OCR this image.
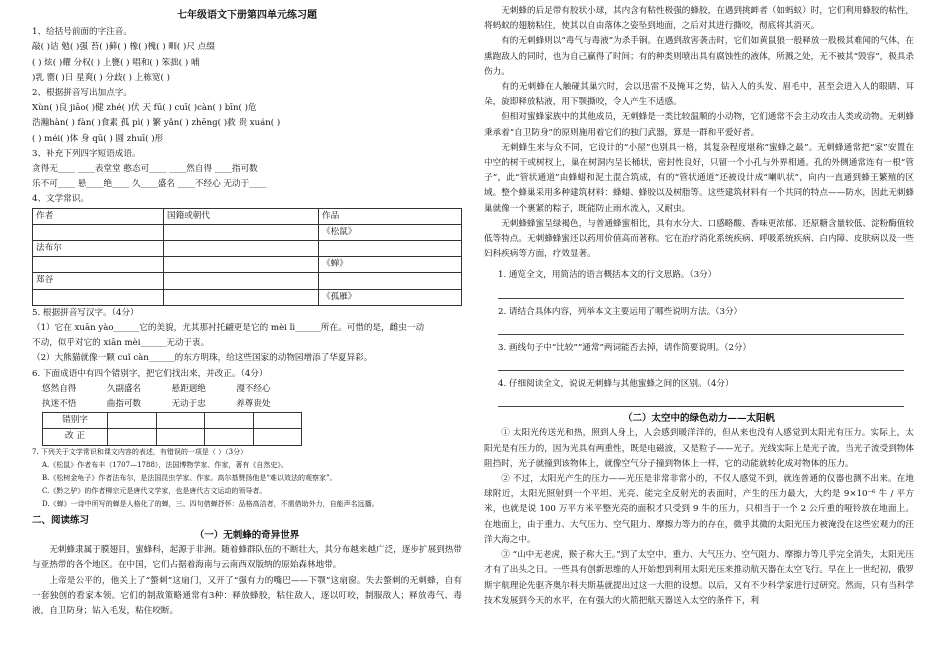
七年级语文下册第四单元练习题
1、给括号前面的字注音。
敲( )诘 勉( )强 苔( )藓( ) 橡( )槐( ) 甽( )尺 点缀
( ) 炫( )耀 分权( ) 上甕( ) 唱和( ) 笨拙( ) 哺
)乳 罂( )日 星爽( ) 分歧( ) 上栋宽( )
2、根据拼音写出加点字。
Xùn( )良 jiāo( )健 zhé( )伏 天 fū( ) cuī( )càn( ) bīn( )危
浩瀚hàn( ) fàn( )食素 孤 pì( ) 繁 yǎn( ) zhēng( )救 贵 xuán( )
( ) méi( )体 身 qū( ) 圆 zhuī( )形
3、补充下列四字短语成语。
贪得无____ ____表堂堂 憨态可____ ____然自得 ____指可数
乐不可____ 悬____绝____ 久____盛名 ____不经心 无动于____
4、文学常识。
作者	国籍或朝代	作品
		《松鼠》
法布尔		
		《蝉》
郑谷		
		《孤雁》
5. 根据拼音写汉字。（4分）
（1）它在 xuān yào______它的美貌，尤其那衬托翩更是它的 mèi lì______所在。可惜的是，雌虫一动
不动，似乎对它的 xiān mèi______无动于衷。
（2）大熊猫就像一颗 cuǐ càn______的东方明珠，给这些国家的动物园增添了华夏异彩。
6. 下面成语中有四个错别字，把它们找出来，并改正。（4分）
悠然自得	久副盛名	悬距迥绝	漫不经心
执迷不悟	曲指可数	无动于忠	养尊贵处
错别字				
改 正				
7. 下列关于文学常识和课文内容的表述，有错误的一项是（ ）（3分）
A.《松鼠》作者布丰（1707—1788），法国博物学家、作家，著有《自然史》。
B.《松树金龟子》作者法布尔，是法国昆虫学家、作家。高尔基赞扬他是“难以效法的观察家”。
C.《黔之驴》的作者柳宗元是唐代文学家，也是唐代古文运动的领导者。
D.《蝉》一诗中所写的蝉是人格化了的蝉，三、四句借蝉抒怀：品格高洁者，不需借助外力，自能声名远播。
二、阅读练习
（一）无刺蜂的奇异世界
无刺蜂隶属于膜翅目，蜜蜂科，起源于非洲。随着蜂群队伍的不断壮大，其分布越来越广泛，逐步扩展到热带与亚热带的各个地区。在中国，它们占据着海南与云南西双版纳的原始森林地带。
上帝是公平的，他关上了“螫刺”这扇门，又开了“强有力的嘴巴——下颚”这扇窗。失去螫刺的无刺蜂，自有一套独创的看家本领。它们的制敌策略通常有3种：释放蜂胶，粘住敌人，逐以叮咬，制服敌人；释放毒气、毒液，自卫防身；钻入毛发，粘住咬断。
无刺蜂的后足带有胶状小球，其内含有粘性极强的蜂胶，在遇到挑衅者（如蚂蚁）时，它们利用蜂胶的粘性，将蚂蚁的翅膀粘住，使其以自由落体之姿坠到地面，之后对其进行撕咬，彻底将其消灭。
有的无刺蜂则以“毒气与毒液”为杀手锏。在遇到敌害袭击时，它们如黄鼠狼一般释放一股极其难闻的气体，在熏跑敌人的同时，也为自己赢得了时间；有的种类则喷出具有腐蚀性的液体，所溅之处，无不被其“毁容”，极具杀伤力。
有的无刺蜂在人触碰其巢穴时，会以迅雷不及掩耳之势，钻入人的头发、眉毛中，甚至会进入人的眼睛、耳朵，旋即释放粘液，用下颚撕咬，令人产生不适感。
但相对蜜蜂家族中的其他成员，无刺蜂是一类比较温顺的小动物，它们通常不会主动攻击人类或动物。无刺蜂秉承着“自卫防身”的原则施用着它们的独门武器，算是一群和平爱好者。
无刺蜂生来与众不同，它设计的“小屋”也别具一格，其复杂程度堪称“蜜蜂之最”。无刺蜂通常把“家”安置在中空的树干或树杈上，巢在树洞内呈长桶状，密封性良好，只留一个小孔与外界相通。孔的外侧通常连有一根“管子”，此“管状通道”由蜂蜡和泥土混合筑成，有的“管状通道”还被设计成“喇叭状”，向内一直通到蜂王繁殖的区域。整个蜂巢采用多种建筑材料：蜂蜡、蜂胶以及树脂等。这些建筑材料有一个共同的特点——防水，因此无刺蜂巢就像一个裹紧的粽子，既能防止雨水流入，又耐虫。
无刺蜂蜂蜜呈绿褐色，与普通蜂蜜相比，具有水分大、口感略酸、香味更浓郁、还原糖含量较低、淀粉酶值较低等特点。无刺蜂蜂蜜还以药用价值高而著称。它在治疗消化系统疾病、呼吸系统疾病、白内障、皮肤病以及一些妇科疾病等方面，疗效显著。
1. 通览全文，用简洁的语言概括本文的行文思路。（3分）
2. 请结合具体内容，列举本文主要运用了哪些说明方法。（3分）
3. 画线句子中“比较”“通常”两词能否去掉，请作简要说明。（2分）
4. 仔细阅读全文，说说无刺蜂与其他蜜蜂之间的区别。（4分）
（二）太空中的绿色动力——太阳帆
① 太阳光传送光和热，照到人身上，人会感到暖洋洋的，但从来也没有人感觉到太阳光有压力。实际上，太阳光是有压力的，因为光具有两重性，既是电磁波，又是粒子——光子。光线实际上是光子流，当光子流受到物体阻挡时，光子就撞到该物体上，就像空气分子撞到物体上一样，它的动能就转化成对物体的压力。
② 不过，太阳光产生的压力——光压是非常非常小的，不仅人感觉不到，就连普通的仪器也测不出来。在地球附近，太阳光照射到一个平坦、光亮、能完全反射光的表面时，产生的压力最大，大约是 9×10⁻⁶ 牛 / 平方米，也就是说 100 万平方米平整光亮的面积才只受到 9 牛的压力，只相当于一个 2 公斤重的哑铃放在地面上。在地面上，由于重力、大气压力、空气阻力、摩擦力等力的存在，微乎其微的太阳光压力被淹没在这些宏观力的汪洋大海之中。
③ “山中无老虎，猴子称大王。”到了太空中，重力、大气压力、空气阻力、摩擦力等几乎完全消失，太阳光压才有了出头之日。一些具有创新思维的人开始想到利用太阳光压来推动航天器在太空飞行。早在上一世纪初，俄罗斯宇航理论先驱齐奥尔科夫斯基就提出过这一大胆的设想。以后，又有不少科学家进行过研究。然而，只有当科学技术发展到今天的水平，在有强大的火箭把航天器送入太空的条件下，利
